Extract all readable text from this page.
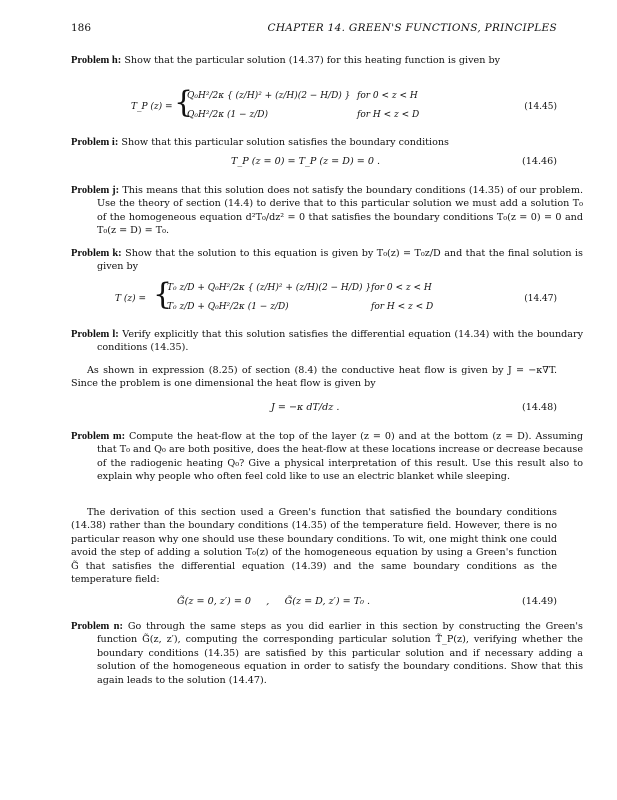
186	CHAPTER 14. GREEN'S FUNCTIONS, PRINCIPLES
Problem h: Show that the particular solution (14.37) for this heating function is given by
T_P (z) = {
Q₀H²/2κ { (z/H)² + (z/H)(2 − H/D) } for 0 < z < H
Q₀H²/2κ (1 − z/D)	for H < z < D
(14.45)
Problem i: Show that this particular solution satisfies the boundary conditions
T_P (z = 0) = T_P (z = D) = 0 .	(14.46)
Problem j: This means that this solution does not satisfy the boundary conditions (14.35) of our problem. Use the theory of section (14.4) to derive that to this particular solution we must add a solution T₀ of the homogeneous equation d²T₀/dz² = 0 that satisfies the boundary conditions T₀(z = 0) = 0 and T₀(z = D) = T₀.
Problem k: Show that the solution to this equation is given by T₀(z) = T₀z/D and that the final solution is given by
T (z) = {
T₀ z/D + Q₀H²/2κ { (z/H)² + (z/H)(2 − H/D) } for 0 < z < H
T₀ z/D + Q₀H²/2κ (1 − z/D)	for H < z < D
(14.47)
Problem l: Verify explicitly that this solution satisfies the differential equation (14.34) with the boundary conditions (14.35).
As shown in expression (8.25) of section (8.4) the conductive heat flow is given by J = −κ∇T. Since the problem is one dimensional the heat flow is given by
J = −κ dT/dz .	(14.48)
Problem m: Compute the heat-flow at the top of the layer (z = 0) and at the bottom (z = D). Assuming that T₀ and Q₀ are both positive, does the heat-flow at these locations increase or decrease because of the radiogenic heating Q₀? Give a physical interpretation of this result. Use this result also to explain why people who often feel cold like to use an electric blanket while sleeping.
The derivation of this section used a Green's function that satisfied the boundary conditions (14.38) rather than the boundary conditions (14.35) of the temperature field. However, there is no particular reason why one should use these boundary conditions. To wit, one might think one could avoid the step of adding a solution T₀(z) of the homogeneous equation by using a Green's function G̃ that satisfies the differential equation (14.39) and the same boundary conditions as the temperature field:
G̃(z = 0, z′) = 0     ,     G̃(z = D, z′) = T₀ .	(14.49)
Problem n: Go through the same steps as you did earlier in this section by constructing the Green's function G̃(z, z′), computing the corresponding particular solution T̃_P(z), verifying whether the boundary conditions (14.35) are satisfied by this particular solution and if necessary adding a solution of the homogeneous equation in order to satisfy the boundary conditions. Show that this again leads to the solution (14.47).
